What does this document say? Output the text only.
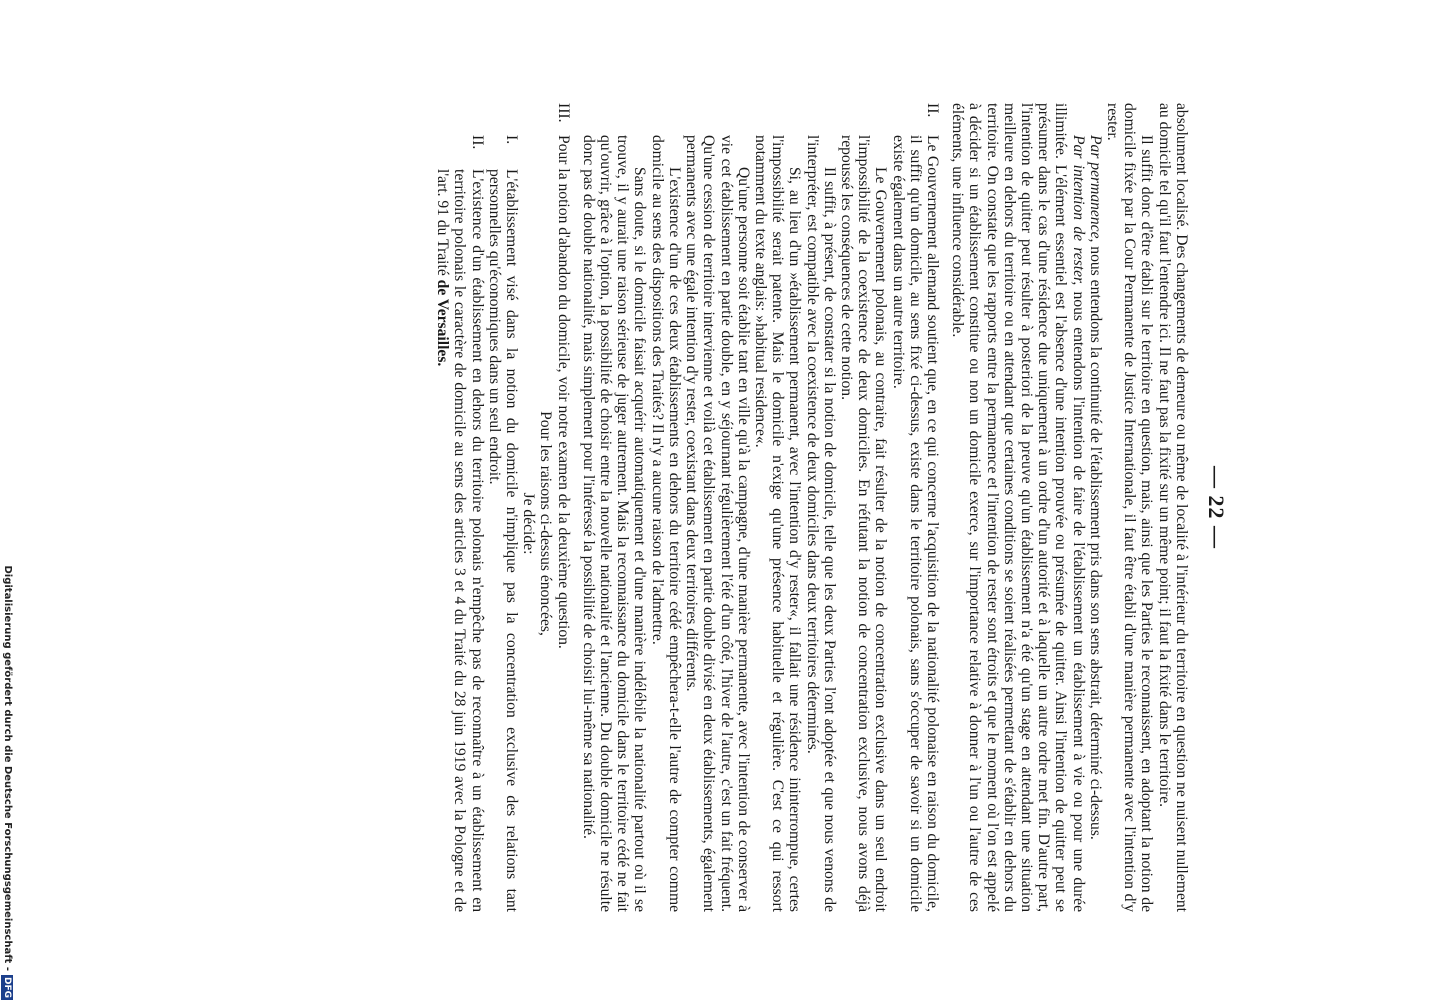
— 22 —

absolument localisé. Des changements de demeure ou même de localité à l'intérieur du territoire en question ne nuisent nullement au domicile tel qu'il faut l'entendre ici. Il ne faut pas la fixité sur un même point; il faut la fixité dans le territoire.

Il suffit donc d'être établi sur le territoire en question, mais, ainsi que les Parties le reconnaissent, en adoptant la notion de domicile fixée par la Cour Permanente de Justice Internationale, il faut être établi d'une manière permanente avec l'intention d'y rester.

Par permanence, nous entendons la continuité de l'établissement pris dans son sens abstrait, déterminé ci-dessus.

Par intention de rester, nous entendons l'intention de faire de l'établissement un établissement à vie ou pour une durée illimitée. L'élément essentiel est l'absence d'une intention prouvée ou présumée de quitter. Ainsi l'intention de quitter peut se présumer dans le cas d'une résidence due uniquement à un ordre d'un autorité et à laquelle un autre ordre met fin. D'autre part, l'intention de quitter peut résulter à posteriori de la preuve qu'un établissement n'a été qu'un stage en attendant une situation meilleure en dehors du territoire ou en attendant que certaines conditions se soient réalisées permettant de s'établir en dehors du territoire. On constate que les rapports entre la permanence et l'intention de rester sont étroits et que le moment où l'on est appelé à décider si un établissement constitue ou non un domicile exerce, sur l'importance relative à donner à l'un ou l'autre de ces éléments, une influence considérable.

II.

Le Gouvernement allemand soutient que, en ce qui concerne l'acquisition de la nationalité polonaise en raison du domicile, il suffit qu'un domicile, au sens fixé ci-dessus, existe dans le territoire polonais, sans s'occuper de savoir si un domicile existe également dans un autre territoire.

Le Gouvernement polonais, au contraire, fait résulter de la notion de concentration exclusive dans un seul endroit l'impossibilité de la coexistence de deux domiciles. En réfutant la notion de concentration exclusive, nous avons déjà repoussé les conséquences de cette notion.

Il suffit, à présent, de constater si la notion de domicile, telle que les deux Parties l'ont adoptée et que nous venons de l'interpréter, est compatible avec la coexistence de deux domiciles dans deux territoires déterminés.

Si, au lieu d'un »établissement permanent, avec l'intention d'y rester«, il fallait une résidence ininterrompue, certes l'impossibilité serait patente. Mais le domicile n'exige qu'une présence habituelle et régulière. C'est ce qui ressort notamment du texte anglais: »habitual residence«.

Qu'une personne soit établie tant en ville qu'à la campagne, d'une manière permanente, avec l'intention de conserver à vie cet établissement en partie double, en y séjournant régulièrement l'été d'un côté, l'hiver de l'autre, c'est un fait fréquent. Qu'une cession de territoire intervienne et voilà cet établissement en partie double divisé en deux établissements, également permanents avec une égale intention d'y rester, coexistant dans deux territoires différents.

L'existence d'un de ces deux établissements en dehors du territoire cédé empêchera-t-elle l'autre de compter comme domicile au sens des dispositions des Traités? Il n'y a aucune raison de l'admettre.

Sans doute, si le domicile faisait acquérir automatiquement et d'une manière indélébile la nationalité partout où il se trouve, il y aurait une raison sérieuse de juger autrement. Mais la reconnaissance du domicile dans le territoire cédé ne fait qu'ouvrir, grâce à l'option, la possibilité de choisir entre la nouvelle nationalité et l'ancienne. Du double domicile ne résulte donc pas de double nationalité, mais simplement pour l'intéressé la possibilité de choisir lui-même sa nationalité.

III.

Pour la notion d'abandon du domicile, voir notre examen de la deuxième question.

Pour les raisons ci-dessus énoncées,

Je décide:

I.
L'établissement visé dans la notion du domicile n'implique pas la concentration exclusive des relations tant personnelles qu'économiques dans un seul endroit.
II.
L'existence d'un établissement en dehors du territoire polonais n'empêche pas de reconnaître à un établissement en territoire polonais le caractère de domicile au sens des articles 3 et 4 du Traité du 28 juin 1919 avec la Pologne et de l'art. 91 du Traité de Versailles.
Digitalisierung gefördert durch die Deutsche Forschungsgemeinschaft -DFG
